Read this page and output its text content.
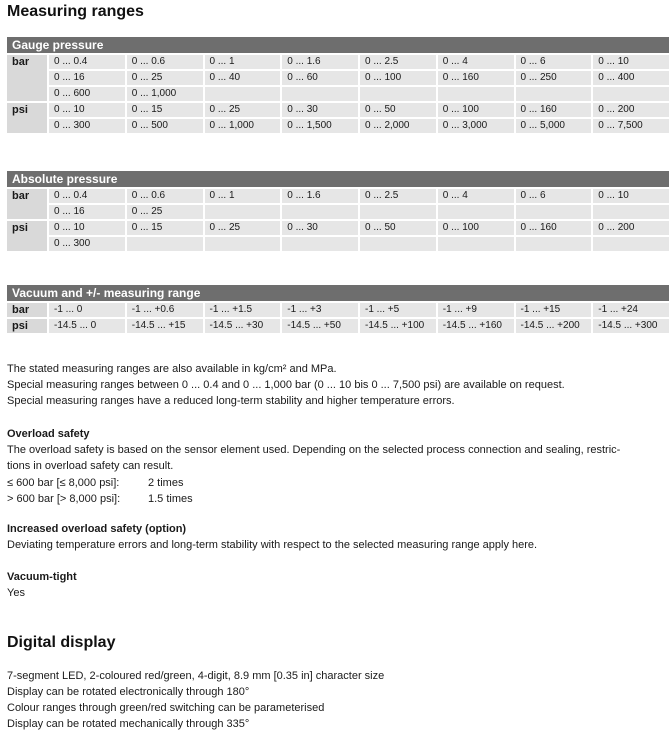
Measuring ranges
Gauge pressure
bar	0 ... 0.4	0 ... 0.6	0 ... 1	0 ... 1.6	0 ... 2.5	0 ... 4	0 ... 6	0 ... 10
0 ... 16	0 ... 25	0 ... 40	0 ... 60	0 ... 100	0 ... 160	0 ... 250	0 ... 400
0 ... 600	0 ... 1,000
psi	0 ... 10	0 ... 15	0 ... 25	0 ... 30	0 ... 50	0 ... 100	0 ... 160	0 ... 200
0 ... 300	0 ... 500	0 ... 1,000	0 ... 1,500	0 ... 2,000	0 ... 3,000	0 ... 5,000	0 ... 7,500
Absolute pressure
bar	0 ... 0.4	0 ... 0.6	0 ... 1	0 ... 1.6	0 ... 2.5	0 ... 4	0 ... 6	0 ... 10
0 ... 16	0 ... 25
psi	0 ... 10	0 ... 15	0 ... 25	0 ... 30	0 ... 50	0 ... 100	0 ... 160	0 ... 200
0 ... 300
Vacuum and +/- measuring range
bar	-1 ... 0	-1 ... +0.6	-1 ... +1.5	-1 ... +3	-1 ... +5	-1 ... +9	-1 ... +15	-1 ... +24
psi	-14.5 ... 0	-14.5 ... +15	-14.5 ... +30	-14.5 ... +50	-14.5 ... +100	-14.5 ... +160	-14.5 ... +200	-14.5 ... +300

The stated measuring ranges are also available in kg/cm² and MPa.

Special measuring ranges between 0 ... 0.4 and 0 ... 1,000 bar (0 ... 10 bis 0 ... 7,500 psi) are available on request.

Special measuring ranges have a reduced long-term stability and higher temperature errors.

Overload safety

The overload safety is based on the sensor element used. Depending on the selected process connection and sealing, restric-

tions in overload safety can result.

≤ 600 bar [≤ 8,000 psi]:	2 times

> 600 bar [> 8,000 psi]:	1.5 times

Increased overload safety (option)

Deviating temperature errors and long-term stability with respect to the selected measuring range apply here.

Vacuum-tight

Yes

Digital display

7-segment LED, 2-coloured red/green, 4-digit, 8.9 mm [0.35 in] character size

Display can be rotated electronically through 180°

Colour ranges through green/red switching can be parameterised

Display can be rotated mechanically through 335°
